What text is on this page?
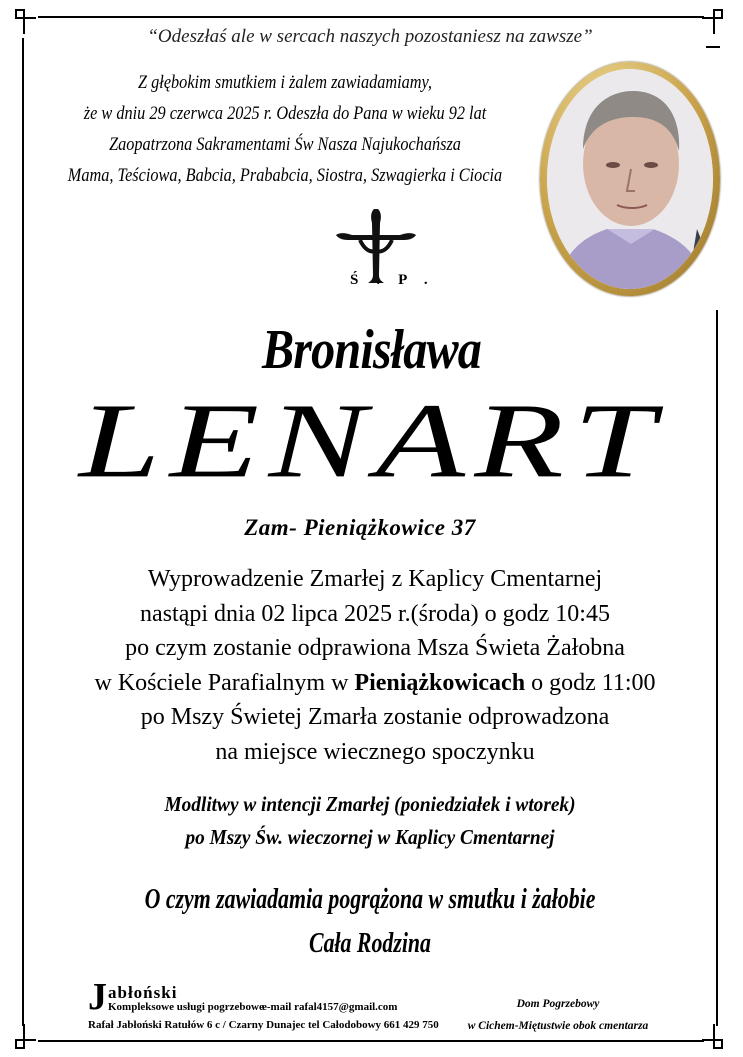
“Odeszłaś ale w sercach naszych pozostaniesz na zawsze”
Z głębokim smutkiem i żalem zawiadamiamy,
że w dniu 29 czerwca 2025 r. Odeszła do Pana w wieku 92 lat
Zaopatrzona Sakramentami Św Nasza Najukochańsza
Mama, Teściowa, Babcia, Prababcia, Siostra, Szwagierka i Ciocia
Ś.P.
Bronisława
LENART
Zam- Pieniążkowice 37
Wyprowadzenie Zmarłej z Kaplicy Cmentarnej
nastąpi dnia 02 lipca 2025 r.(środa) o godz 10:45
po czym zostanie odprawiona Msza Świeta Żałobna
w Kościele Parafialnym w Pieniążkowicach o godz 11:00
po Mszy Świetej Zmarła zostanie odprowadzona
na miejsce wiecznego spoczynku
Modlitwy w intencji Zmarłej (poniedziałek i wtorek)
po Mszy Św. wieczornej w Kaplicy Cmentarnej
O czym zawiadamia pogrążona w smutku i żałobie
Cała Rodzina
J abłoński
Kompleksowe usługi pogrzebowe
e-mail rafal4157@gmail.com
Rafał Jabłoński Ratułów 6 c / Czarny Dunajec tel Całodobowy 661 429 750
Dom Pogrzebowy
w Cichem-Miętustwie obok cmentarza
